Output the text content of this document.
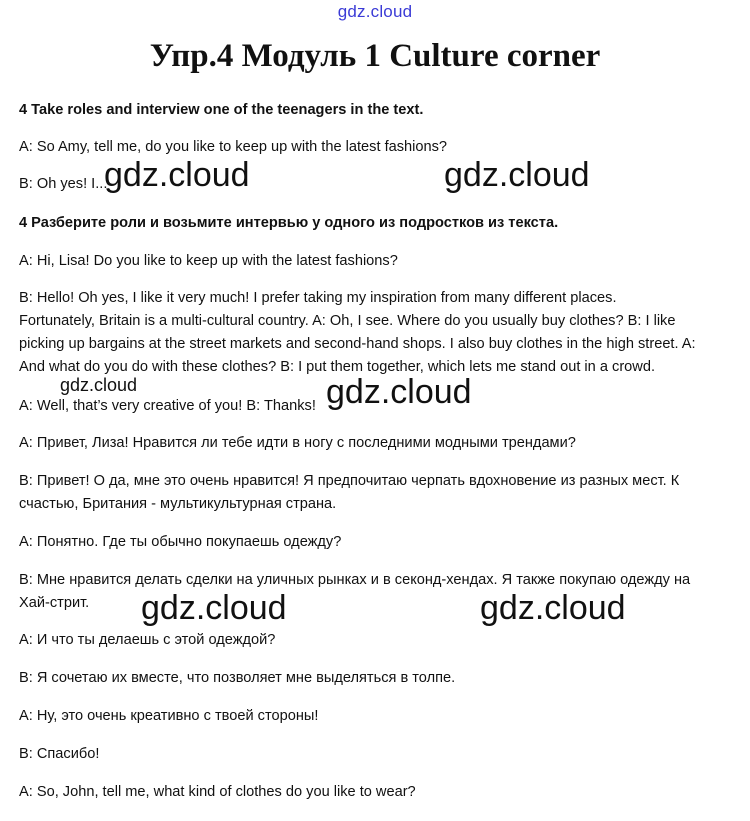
gdz.cloud
Упр.4 Модуль 1 Culture corner

4 Take roles and interview one of the teenagers in the text.

A: So Amy, tell me, do you like to keep up with the latest fashions?

B: Oh yes! I...

4 Разберите роли и возьмите интервью у одного из подростков из текста.

A: Hi, Lisa! Do you like to keep up with the latest fashions?

B: Hello! Oh yes, I like it very much! I prefer taking my inspiration from many different places.

Fortunately, Britain is a multi-cultural country. A: Oh, I see. Where do you usually buy clothes? B: I like

picking up bargains at the street markets and second-hand shops. I also buy clothes in the high street. A:

And what do you do with these clothes? B: I put them together, which lets me stand out in a crowd.

A: Well, that’s very creative of you! B: Thanks!

A: Привет, Лиза! Нравится ли тебе идти в ногу с последними модными трендами?

B: Привет! О да, мне это очень нравится! Я предпочитаю черпать вдохновение из разных мест. К

счастью, Британия - мультикультурная страна.

A: Понятно. Где ты обычно покупаешь одежду?

B: Мне нравится делать сделки на уличных рынках и в секонд-хендах. Я также покупаю одежду на

Хай-стрит.

A: И что ты делаешь с этой одеждой?

B: Я сочетаю их вместе, что позволяет мне выделяться в толпе.

A: Ну, это очень креативно с твоей стороны!

B: Спасибо!

A: So, John, tell me, what kind of clothes do you like to wear?

gdz.cloud	gdz.cloud
gdz.cloud	gdz.cloud
gdz.cloud	gdz.cloud
